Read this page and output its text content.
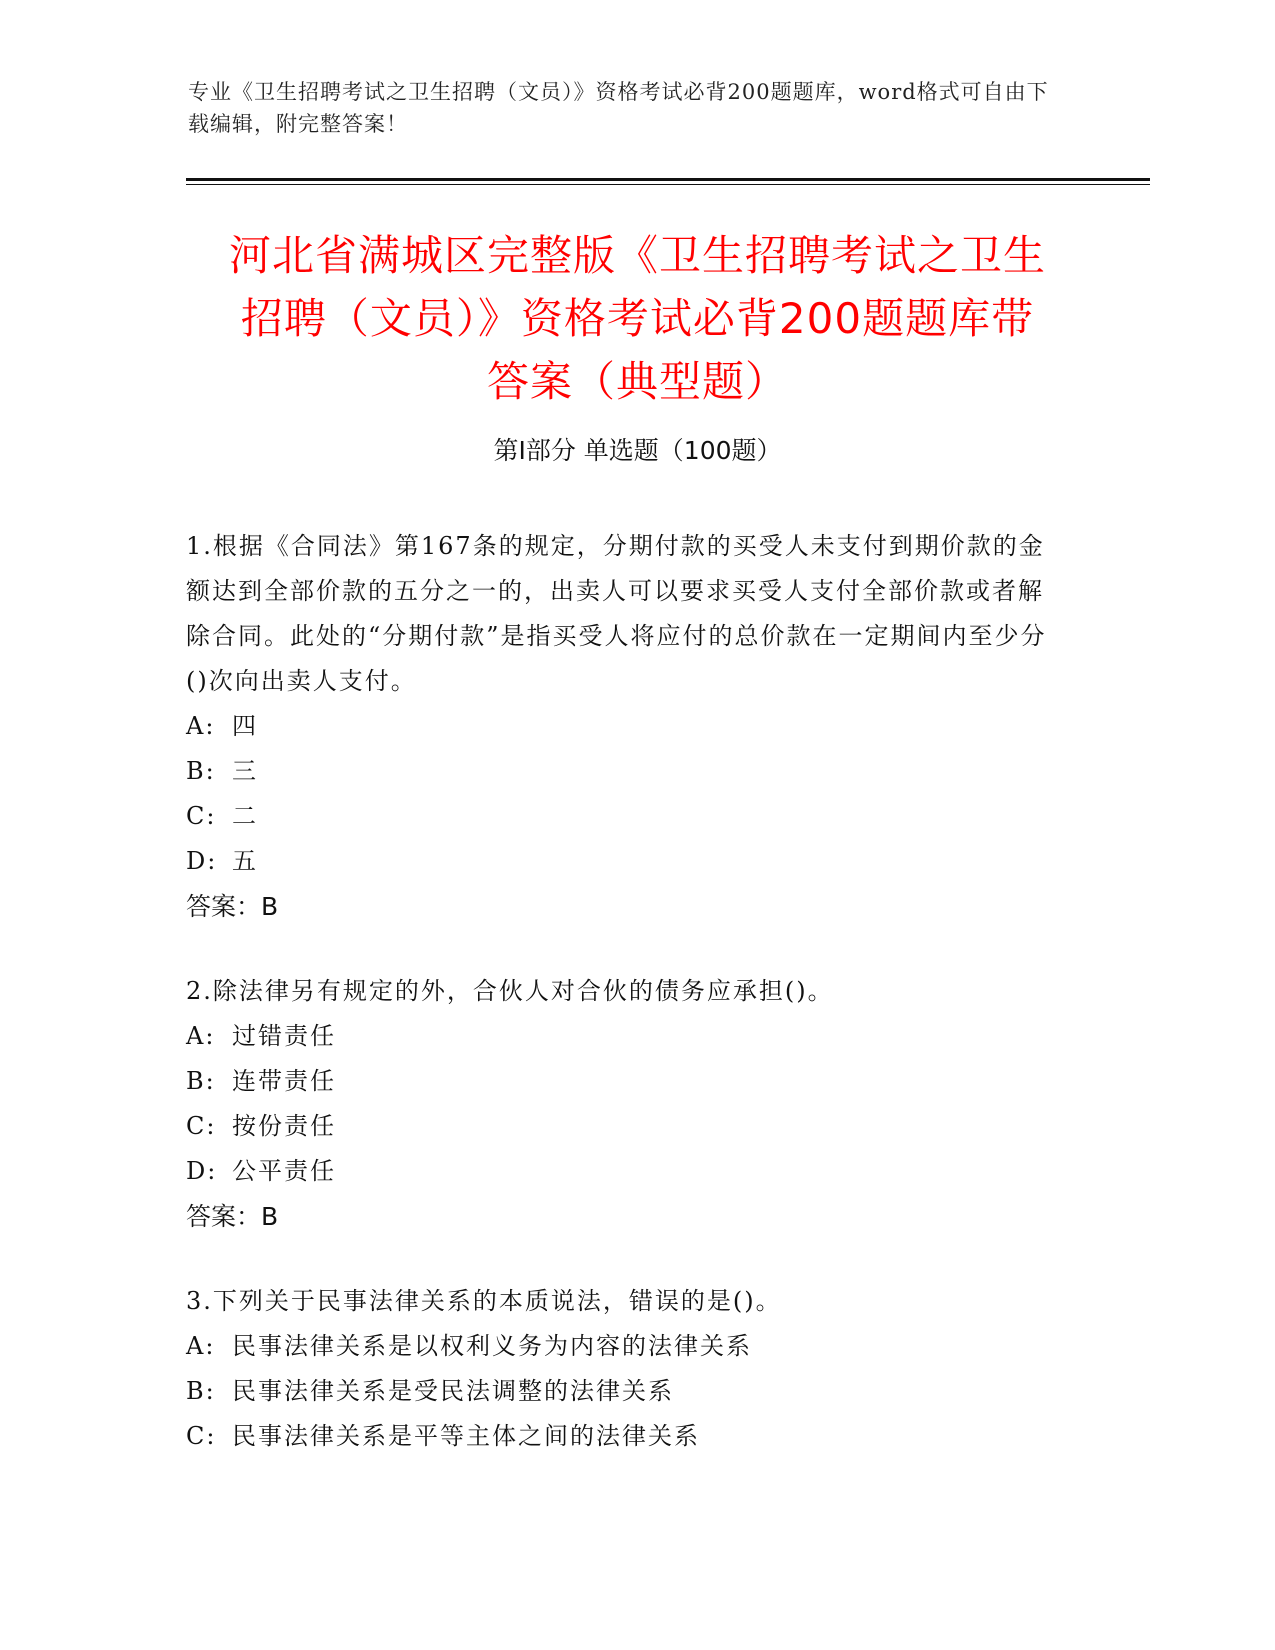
专业《卫生招聘考试之卫生招聘（文员）》资格考试必背200题题库，word格式可自由下载编辑，附完整答案！
河北省满城区完整版《卫生招聘考试之卫生
招聘（文员）》资格考试必背200题题库带
答案（典型题）
第I部分 单选题（100题）

1.根据《合同法》第167条的规定，分期付款的买受人未支付到期价款的金额达到全部价款的五分之一的，出卖人可以要求买受人支付全部价款或者解除合同。此处的“分期付款”是指买受人将应付的总价款在一定期间内至少分()次向出卖人支付。

A: 四

B: 三

C: 二

D: 五

答案：B

2.除法律另有规定的外，合伙人对合伙的债务应承担()。

A: 过错责任

B: 连带责任

C: 按份责任

D: 公平责任

答案：B

3.下列关于民事法律关系的本质说法，错误的是()。

A: 民事法律关系是以权利义务为内容的法律关系

B: 民事法律关系是受民法调整的法律关系

C: 民事法律关系是平等主体之间的法律关系
